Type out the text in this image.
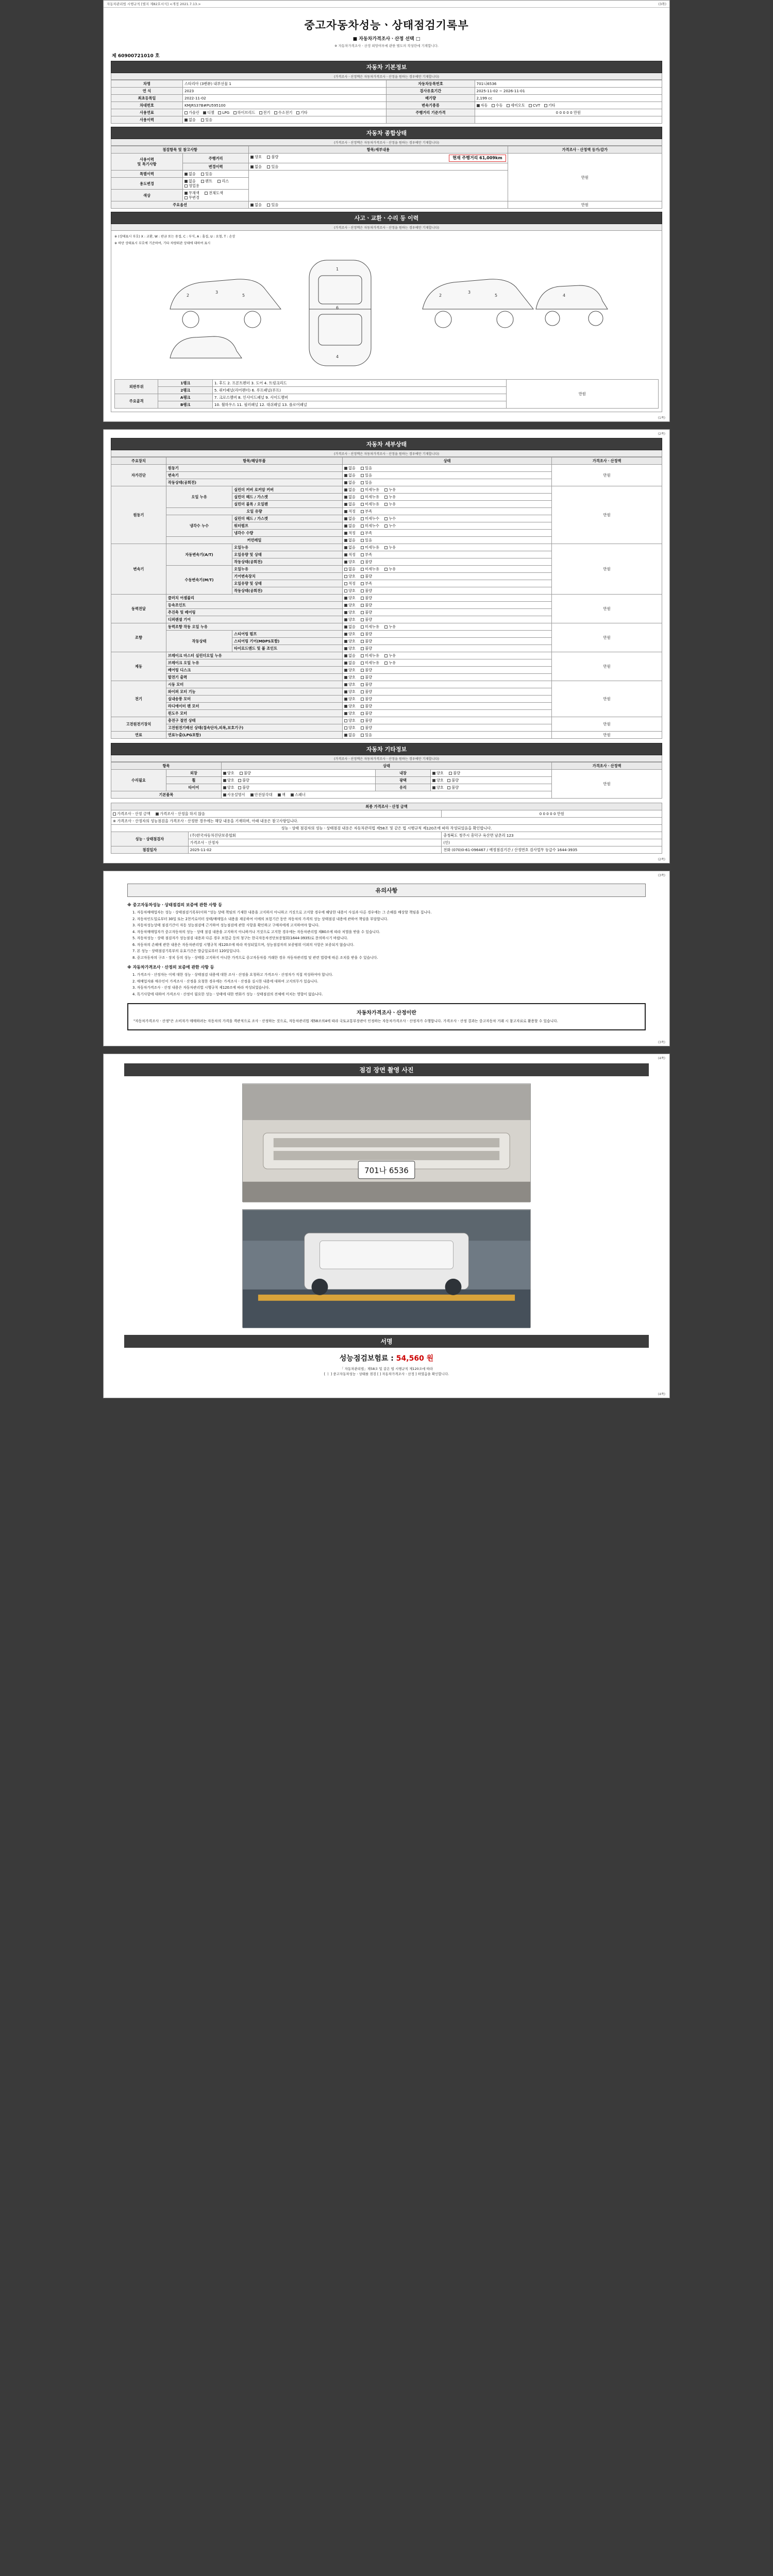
자동차관리법 시행규칙 [별지 제82호서식] <개정 2021.7.13.>	(3쪽)
중고자동차성능ㆍ상태점검기록부
■ 자동차가격조사ㆍ산정 선택 □
※ 자동차가격조사ㆍ산정 희망여부에 관한 별도의 작성란에 기재합니다.
제 60900721010 호
자동차 기본정보
(가격조사ㆍ산정액은 자동차가격조사ㆍ산정을 원하는 경우에만 기재합니다)
차명	스타리아 (3밴뷰) 내부선물 1	자동차등록번호	701니6536
연 식	2023	검사유효기간	2025-11-02 ~ 2026-11-01
최초등록일	2022-11-02	배기량	2,199 cc
차대번호	KMJRS37B#PU595100	변속기종류	자동 수동 세미오토 CVT 기타
사용연료	가솔린 디젤 LPG 하이브리드 전기 수소전기 기타	주행거리 기준가격	0 0 0 0 0 만원
사용이력	없음 있음		
자동차 종합상태
(가격조사ㆍ산정액은 자동차가격조사ㆍ산정을 원하는 경우에만 기재합니다)
점검항목 및 참고사항		항목/세부내용	가격조사ㆍ산정액 등가/감가
사용이력
및 특기사항	주행거리	양호 불량 현재 주행거리 61,009km	만원
	변경이력	없음 있음	
특별이력	없음 있음		
용도변경	없음 렌트 리스 영업용		
색상	무채색 전체도색 무변경		
주요옵션		없음 있음	만원
사고ㆍ교환ㆍ수리 등 이력
(가격조사ㆍ산정액은 자동차가격조사ㆍ산정을 원하는 경우에만 기재합니다)
※ (상태표시 부호) X : 교환, W : 판금 또는 용접, C : 부식, A : 흠집, U : 요철, T : 손상
※ 하단 상태표시 부호에 기준하여, 기타 차량외관 상태에 대하여 표시
2
3
5
1
4
6
2
3
5	4
외판부위	1랭크	1. 후드 2. 프론트펜더 3. 도어 4. 트렁크리드	만원
	2랭크	5. 쿼터패널(리어펜더) 6. 루프패널(루프)	
주요골격	A랭크	7. 크로스멤버 8. 인사이드패널 9. 사이드멤버	
	B랭크	10. 휠하우스 11. 필러패널 12. 대쉬패널 13. 플로어패널	
(1쪽)
(2쪽)
자동차 세부상태
(가격조사ㆍ산정액은 자동차가격조사ㆍ산정을 원하는 경우에만 기재합니다)
주요장치	항목/해당부품		상태	가격조사ㆍ산정액
자가진단	원동기		없음 있음	만원
	변속기		없음 있음	
	작동상태(공회전)		없음 있음	
원동기	오일 누유	실린더 커버 로커암 커버	없음 미세누유 누유	만원
		실린더 헤드 / 가스켓	없음 미세누유 누유	
		실린더 블록 / 오일팬	없음 미세누유 누유	
	오일 유량		적정 부족	
	냉각수 누수	실린더 헤드 / 가스켓	없음 미세누수 누수	
		워터펌프	없음 미세누수 누수	
		냉각수 수량	적정 부족	
	커먼레일		없음 있음	
변속기	자동변속기(A/T)	오일누유	없음 미세누유 누유	만원
		오일유량 및 상태	적정 부족	
		작동상태(공회전)	양호 불량	
	수동변속기(M/T)	오일누유	없음 미세누유 누유	
		기어변속장치	양호 불량	
		오일유량 및 상태	적정 부족	
		작동상태(공회전)	양호 불량	
동력전달	클러치 어셈블리		양호 불량	만원
	등속조인트		양호 불량	
	추진축 및 베어링		양호 불량	
	디퍼렌셜 기어		양호 불량	
조향	동력조향 작동 오일 누유		없음 미세누유 누유	만원
	작동상태	스티어링 펌프	양호 불량	
		스티어링 기어(MDPS포함)	양호 불량	
		타이로드엔드 및 볼 조인트	양호 불량	
제동	브레이크 마스터 실린더오일 누유		없음 미세누유 누유	만원
	브레이크 오일 누유		없음 미세누유 누유	
	베어링 디스크		양호 불량	
	발전기 출력		양호 불량	
전기	시동 모터		양호 불량	만원
	와이퍼 모터 기능		양호 불량	
	실내송풍 모터		양호 불량	
	라디에이터 팬 모터		양호 불량	
	윈도우 모터		양호 불량	
고전원전기장치	충전구 절연 상태		양호 불량	만원
	고전원전기배선 상태(접속단자,피복,보호기구)		양호 불량	
연료	연료누출(LPG포함)		없음 있음	만원
자동차 기타정보
(가격조사ㆍ산정액은 자동차가격조사ㆍ산정을 원하는 경우에만 기재합니다)
항목		상태			가격조사ㆍ산정액
수리필요	외장	양호 불량	내장	양호 불량	만원
	휠	양호 불량	광택	양호 불량	
	타이어	양호 불량	유리	양호 불량	
기본품목		사용설명서 안전삼각대 잭 스패너			
최종 가격조사ㆍ산정 금액		
가격조사ㆍ산정 금액 가격조사ㆍ산정을 하지 않음		0 0 0 0 0 만원
※ 가격조사ㆍ산정자의 성능점검을 가격조사ㆍ산정한 경우에는 해당 내용을 기재하며, 아래 내용은 참고사항입니다.		
성능ㆍ상태 점검자의 성능ㆍ상태점검 내용은 자동차관리법 제58조 및 같은 법 시행규칙 제120조에 따라 작성되었음을 확인합니다.		
성능ㆍ상태점검자	(주)한국자동차진단보증협회	충청북도 청주시 흥덕구 옥산면 남촌리 123
	가격조사ㆍ산정자	(인)
점검일자	2025-11-02	전화 (070)0-61-096467 / 예정점검기간 / 산정번호 검사업무 등급수 1644-3935
(2쪽)
(3쪽)
유의사항
※ 중고자동차성능ㆍ상태점검의 보증에 관한 사항 등
1. 자동차매매업자는 성능ㆍ상태점검기록부(이하 "성능 상태 책임의 기재한 내용을 고지하지 아니하고 거짓으로 고지할 경우에 해당한 내용이 사실과 다른 경우에는 그 손해를 배상할 책임을 집니다.
2. 자동차인도일로부터 30일 또는 2천키로미터 상태/매매업소 내용을 제공하여 이에의 보험기간 동안 자동차의 가격의 성능 상태점검 내용에 관하여 책임을 부담합니다.
3. 자동차성능상태 점검기간이 자동 성능점검에 근거하여 성능점검에 관한 사항을 확인하고 구매자에게 고지하여야 합니다.
4. 자동차매매업자가 중고자동차의 성능ㆍ상태 점검 내용을 고지하지 아니하거나 거짓으로 고지한 경우에는 자동차관리법 제80조에 따라 처벌을 받을 수 있습니다.
5. 자동차성능ㆍ상태 점검자가 성능점검 내용과 다른 경우 보험금 등의 청구는 한국자동차진단보증협회(1644-3935)로 문의하시기 바랍니다.
6. 자동차의 손해에 관한 내용은 자동차관리법 시행규칙 제120조에 따라 작성되었으며, 성능점검자의 보증범위 이외의 사항은 보증되지 않습니다.
7. 본 성능ㆍ상태점검기록부의 유효기간은 발급일로부터 120일입니다.
8. 중고자동차의 구조ㆍ장치 등의 성능ㆍ상태를 고지하지 아니한 가격으로 중고자동차를 거래한 경우 자동차관리법 및 관련 법령에 따른 조치를 받을 수 있습니다.
※ 자동차가격조사ㆍ산정의 보증에 관한 사항 등
1. 가격조사ㆍ산정자는 이에 대한 성능ㆍ상태점검 내용에 대한 조사ㆍ산정을 요청하고 가격조사ㆍ산정자가 직접 작성하여야 합니다.
2. 매매업자와 매수인이 가격조사ㆍ산정을 요청한 경우에는 가격조사ㆍ산정을 실시한 내용에 대하여 고지의무가 있습니다.
3. 자동차가격조사ㆍ산정 내용은 자동차관리법 시행규칙 제120조에 따라 작성되었습니다.
4. 특기사항에 대하여 가격조사ㆍ산정이 필요한 성능ㆍ상태에 대한 변화가 성능ㆍ상태점검의 전체에 미치는 영향이 없습니다.
자동차가격조사ㆍ산정이란
"자동차가격조사ㆍ산정"은 소비자가 매매하려는 자동차의 가격을 객관적으로 조사ㆍ산정하는 것으로, 자동차관리법 제58조의4에 따라 국토교통부장관이 인정하는 자동차가격조사ㆍ산정자가 수행합니다. 가격조사ㆍ산정 결과는 중고자동차 거래 시 참고자료로 활용할 수 있습니다.
(3쪽)
(4쪽)
점검 장면 촬영 사진
701나 6536
서명
성능점검보험료 : 54,560 원
「 자동차관리법」제58조 및 같은 법 시행규칙 제120조에 따라
[ ㅣ ] 중고자동차성능ㆍ상태를 점검 [ ] 자동차가격조사ㆍ산정 ] 하였음을 확인합니다.
(4쪽)
